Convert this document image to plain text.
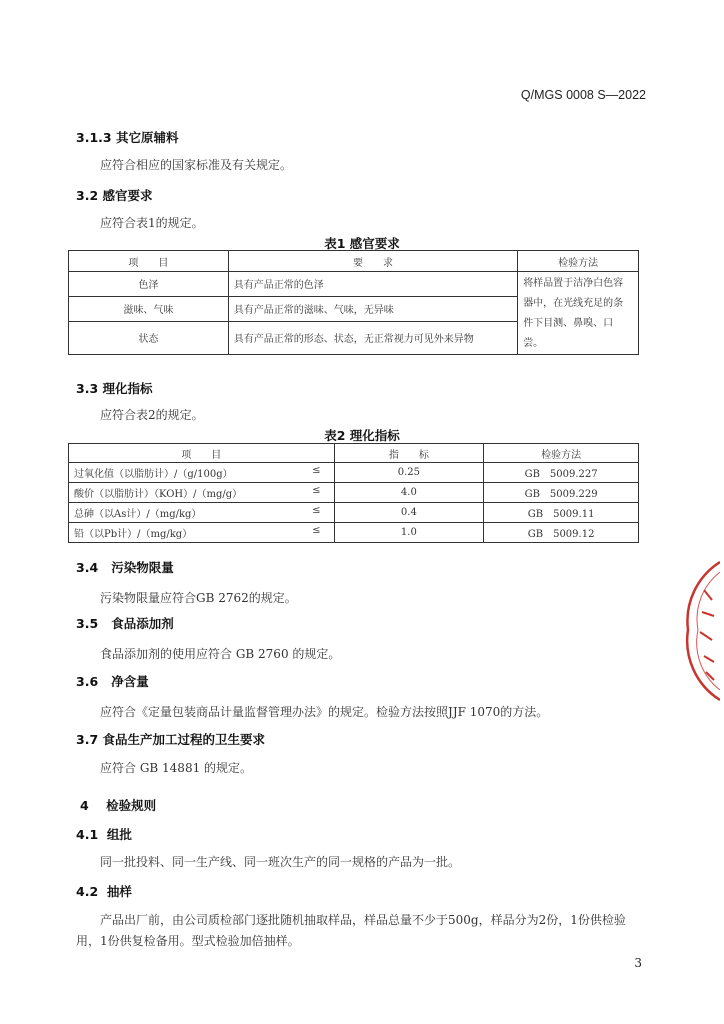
Q/MGS 0008 S—2022
3.1.3 其它原辅料
应符合相应的国家标准及有关规定。
3.2 感官要求
应符合表1的规定。
表1 感官要求
项　　目	要　　求	检验方法
色泽	具有产品正常的色泽	将样品置于洁净白色容器中，在光线充足的条件下目测、鼻嗅、口尝。
滋味、气味	具有产品正常的滋味、气味，无异味	
状态	具有产品正常的形态、状态，无正常视力可见外来异物	
3.3 理化指标
应符合表2的规定。
表2 理化指标
项　　目	指　　标	检验方法
过氧化值（以脂肪计）/（g/100g） ≤	0.25	GB　5009.227
酸价（以脂肪计）（KOH）/（mg/g） ≤	4.0	GB　5009.229
总砷（以As计）/（mg/kg） ≤	0.4	GB　5009.11
铅（以Pb计）/（mg/kg） ≤	1.0	GB　5009.12
3.4 污染物限量
污染物限量应符合GB 2762的规定。
3.5 食品添加剂
食品添加剂的使用应符合 GB 2760 的规定。
3.6 净含量
应符合《定量包装商品计量监督管理办法》的规定。检验方法按照JJF 1070的方法。
3.7 食品生产加工过程的卫生要求
应符合 GB 14881 的规定。
4 检验规则
4.1 组批
同一批投料、同一生产线、同一班次生产的同一规格的产品为一批。
4.2 抽样
产品出厂前，由公司质检部门逐批随机抽取样品，样品总量不少于500g，样品分为2份，1份供检验用，1份供复检备用。型式检验加倍抽样。
3
